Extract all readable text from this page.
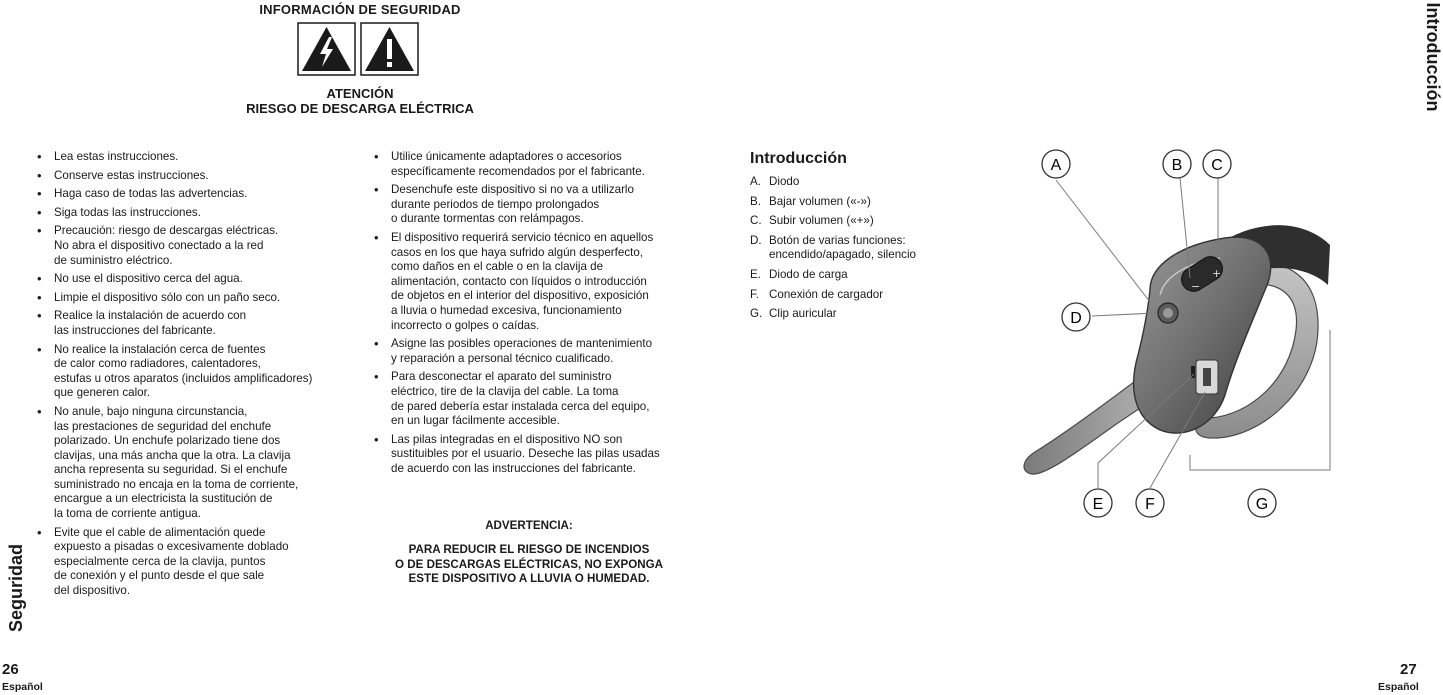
INFORMACIÓN DE SEGURIDAD
ATENCIÓN
RIESGO DE DESCARGA ELÉCTRICA
• Lea estas instrucciones.
• Conserve estas instrucciones.
• Haga caso de todas las advertencias.
• Siga todas las instrucciones.
• Precaución: riesgo de descargas eléctricas.
No abra el dispositivo conectado a la red
de suministro eléctrico.
• No use el dispositivo cerca del agua.
• Limpie el dispositivo sólo con un paño seco.
• Realice la instalación de acuerdo con
las instrucciones del fabricante.
• No realice la instalación cerca de fuentes
de calor como radiadores, calentadores,
estufas u otros aparatos (incluidos amplificadores)
que generen calor.
• No anule, bajo ninguna circunstancia,
las prestaciones de seguridad del enchufe
polarizado. Un enchufe polarizado tiene dos
clavijas, una más ancha que la otra. La clavija
ancha representa su seguridad. Si el enchufe
suministrado no encaja en la toma de corriente,
encargue a un electricista la sustitución de
la toma de corriente antigua.
• Evite que el cable de alimentación quede
expuesto a pisadas o excesivamente doblado
especialmente cerca de la clavija, puntos
de conexión y el punto desde el que sale
del dispositivo.
• Utilice únicamente adaptadores o accesorios
específicamente recomendados por el fabricante.
• Desenchufe este dispositivo si no va a utilizarlo
durante periodos de tiempo prolongados
o durante tormentas con relámpagos.
• El dispositivo requerirá servicio técnico en aquellos
casos en los que haya sufrido algún desperfecto,
como daños en el cable o en la clavija de
alimentación, contacto con líquidos o introducción
de objetos en el interior del dispositivo, exposición
a lluvia o humedad excesiva, funcionamiento
incorrecto o golpes o caídas.
• Asigne las posibles operaciones de mantenimiento
y reparación a personal técnico cualificado.
• Para desconectar el aparato del suministro
eléctrico, tire de la clavija del cable. La toma
de pared debería estar instalada cerca del equipo,
en un lugar fácilmente accesible.
• Las pilas integradas en el dispositivo NO son
sustituibles por el usuario. Deseche las pilas usadas
de acuerdo con las instrucciones del fabricante.
ADVERTENCIA:
PARA REDUCIR EL RIESGO DE INCENDIOS
O DE DESCARGAS ELÉCTRICAS, NO EXPONGA
ESTE DISPOSITIVO A LLUVIA O HUMEDAD.
Seguridad
Introducción
26
Español
27
Español
Introducción
A. Diodo
B. Bajar volumen («-»)
C. Subir volumen («+»)
D. Botón de varias funciones:
encendido/apagado, silencio
E. Diodo de carga
F. Conexión de cargador
G. Clip auricular
−
+
A	B C
D
E	F	G
